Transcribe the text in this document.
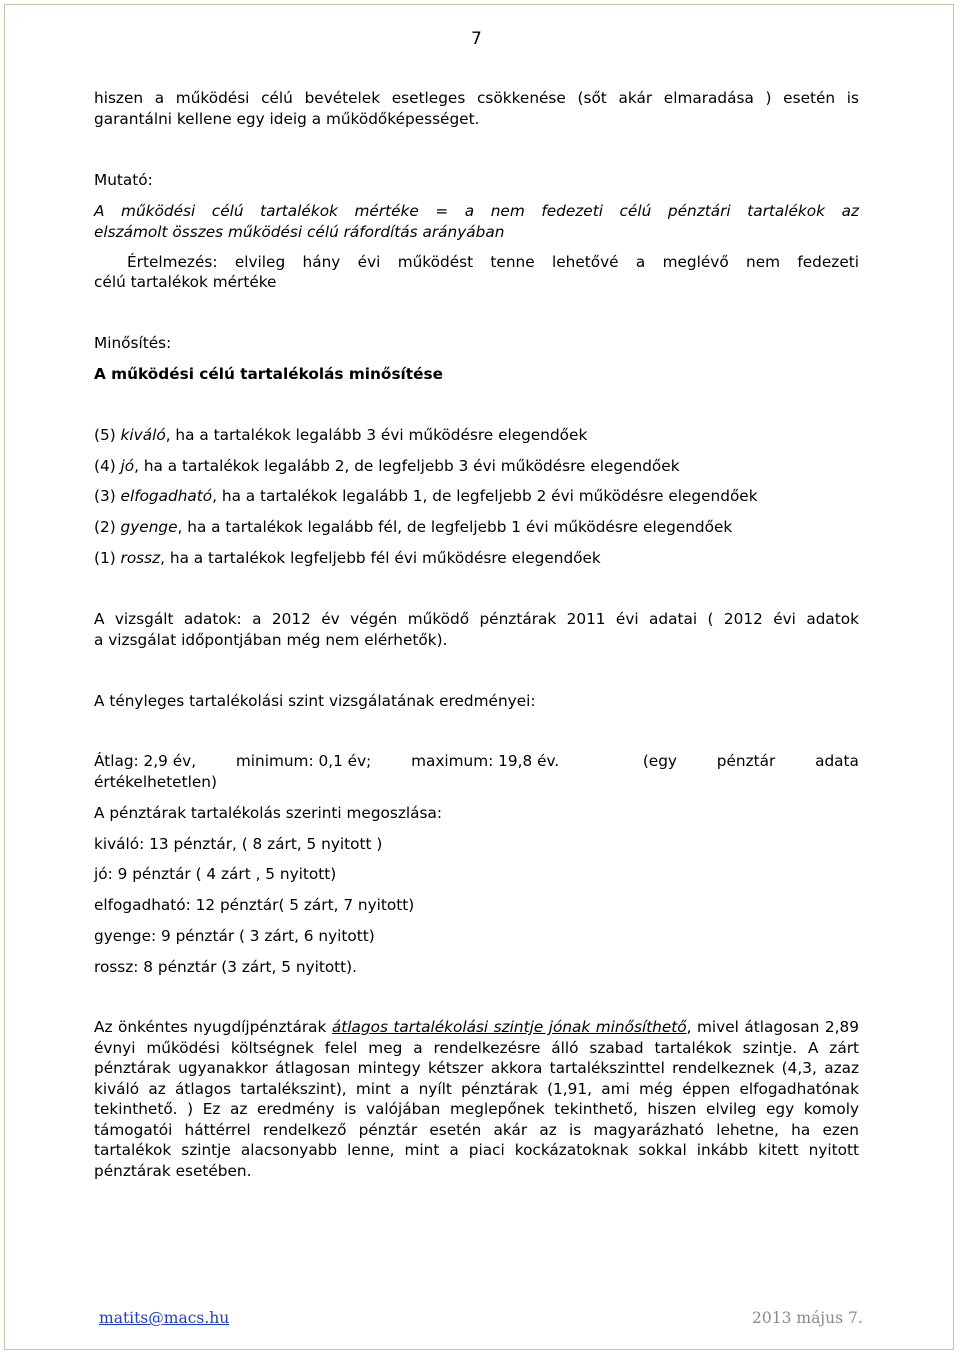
7
hiszen a működési célú bevételek esetleges csökkenése (sőt akár elmaradása ) esetén is
garantálni kellene egy ideig a működőképességet.
Mutató:
A működési célú tartalékok mértéke = a nem fedezeti célú pénztári tartalékok az
elszámolt összes működési célú ráfordítás arányában
Értelmezés: elvileg hány évi működést tenne lehetővé a meglévő nem fedezeti
célú tartalékok mértéke
Minősítés:
A működési célú tartalékolás minősítése
(5) kiváló, ha a tartalékok legalább 3 évi működésre elegendőek
(4) jó, ha a tartalékok legalább 2, de legfeljebb 3 évi működésre elegendőek
(3) elfogadható, ha a tartalékok legalább 1, de legfeljebb 2 évi működésre elegendőek
(2) gyenge, ha a tartalékok legalább fél, de legfeljebb 1 évi működésre elegendőek
(1) rossz, ha a tartalékok legfeljebb fél évi működésre elegendőek
A vizsgált adatok: a 2012 év végén működő pénztárak 2011 évi adatai ( 2012 évi adatok
a vizsgálat időpontjában még nem elérhetők).
A tényleges tartalékolási szint vizsgálatának eredményei:
Átlag: 2,9 év,	minimum: 0,1 év;	maximum: 19,8 év.	(egy	pénztár	adata
értékelhetetlen)
A pénztárak tartalékolás szerinti megoszlása:
kiváló: 13 pénztár, ( 8 zárt, 5 nyitott )
jó: 9 pénztár ( 4 zárt , 5 nyitott)
elfogadható: 12 pénztár( 5 zárt, 7 nyitott)
gyenge: 9 pénztár ( 3 zárt, 6 nyitott)
rossz: 8 pénztár (3 zárt, 5 nyitott).
Az önkéntes nyugdíjpénztárak átlagos tartalékolási szintje jónak minősíthető, mivel átlagosan 2,89 évnyi működési költségnek felel meg a rendelkezésre álló szabad tartalékok szintje. A zárt pénztárak ugyanakkor átlagosan mintegy kétszer akkora tartalékszinttel rendelkeznek (4,3, azaz kiváló az átlagos tartalékszint), mint a nyílt pénztárak (1,91, ami még éppen elfogadhatónak tekinthető. ) Ez az eredmény is valójában meglepőnek tekinthető, hiszen elvileg egy komoly támogatói háttérrel rendelkező pénztár esetén akár az is magyarázható lehetne, ha ezen tartalékok szintje alacsonyabb lenne, mint a piaci kockázatoknak sokkal inkább kitett nyitott pénztárak esetében.
matits@macs.hu	2013 május 7.
